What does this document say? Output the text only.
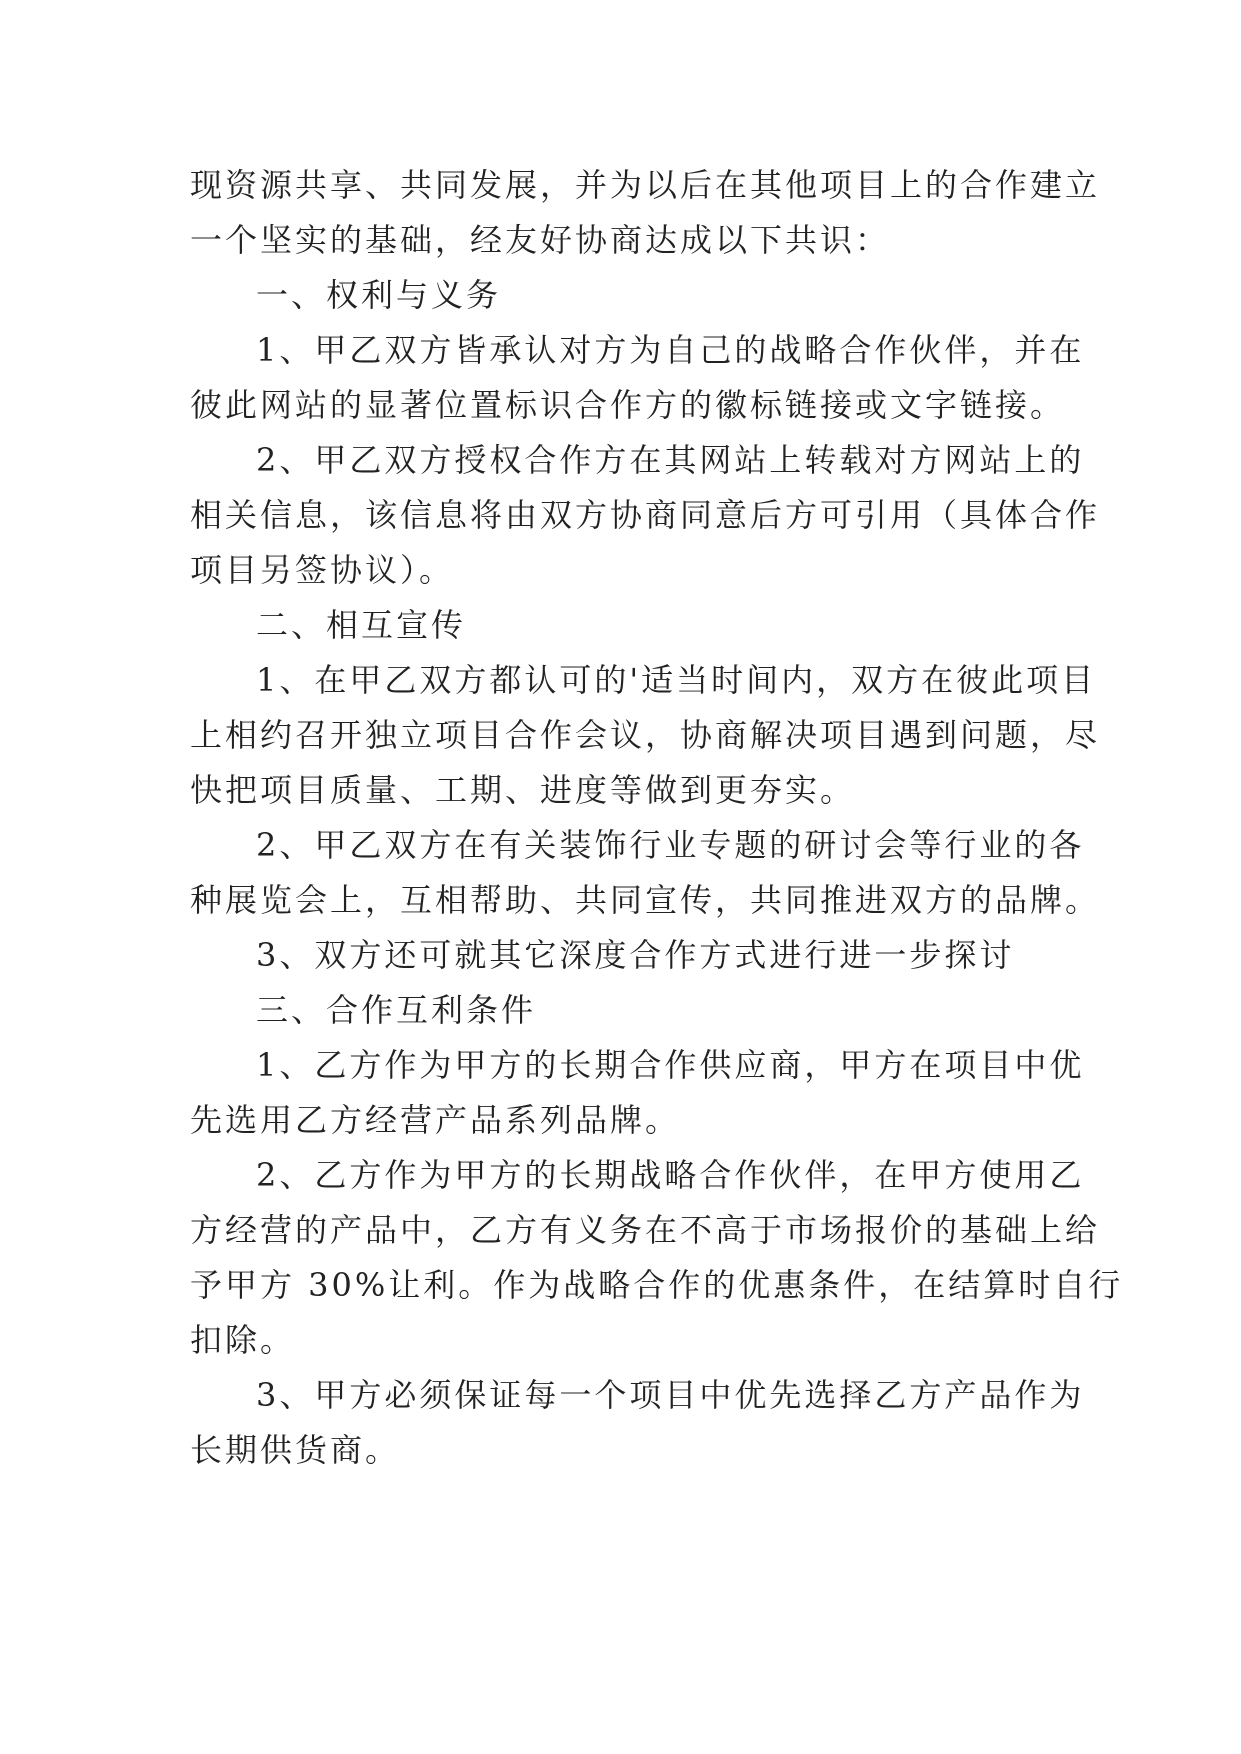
现资源共享、共同发展，并为以后在其他项目上的合作建立
一个坚实的基础，经友好协商达成以下共识：
一、权利与义务
1、甲乙双方皆承认对方为自己的战略合作伙伴，并在
彼此网站的显著位置标识合作方的徽标链接或文字链接。
2、甲乙双方授权合作方在其网站上转载对方网站上的
相关信息，该信息将由双方协商同意后方可引用（具体合作
项目另签协议）。
二、相互宣传
1、在甲乙双方都认可的'适当时间内，双方在彼此项目
上相约召开独立项目合作会议，协商解决项目遇到问题，尽
快把项目质量、工期、进度等做到更夯实。
2、甲乙双方在有关装饰行业专题的研讨会等行业的各
种展览会上，互相帮助、共同宣传，共同推进双方的品牌。
3、双方还可就其它深度合作方式进行进一步探讨
三、合作互利条件
1、乙方作为甲方的长期合作供应商，甲方在项目中优
先选用乙方经营产品系列品牌。
2、乙方作为甲方的长期战略合作伙伴，在甲方使用乙
方经营的产品中，乙方有义务在不高于市场报价的基础上给
予甲方 30%让利。作为战略合作的优惠条件，在结算时自行
扣除。
3、甲方必须保证每一个项目中优先选择乙方产品作为
长期供货商。
